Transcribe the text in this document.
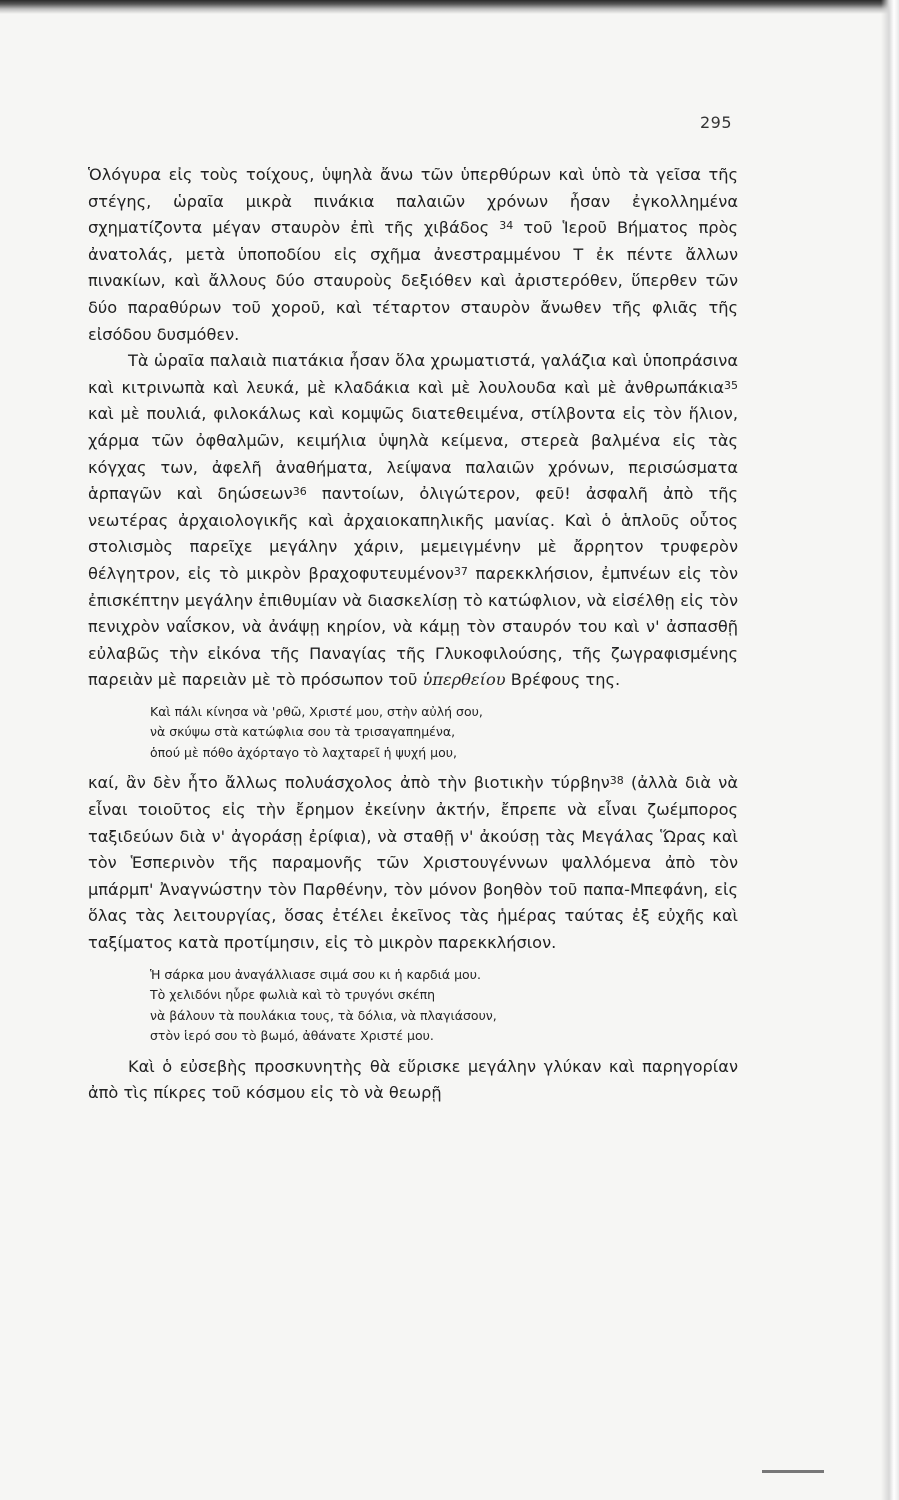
295

Ὁλόγυρα εἰς τοὺς τοίχους, ὑψηλὰ ἄνω τῶν ὑπερθύρων καὶ ὑπὸ τὰ γεῖσα τῆς στέγης, ὡραῖα μικρὰ πινάκια παλαιῶν χρόνων ἦσαν ἐγκολλημένα σχηματίζοντα μέγαν σταυρὸν ἐπὶ τῆς χιβάδος $^{34}$ τοῦ Ἱεροῦ Βήματος πρὸς ἀνατολάς, μετὰ ὑποποδίου εἰς σχῆμα ἀνεστραμμένου Τ ἐκ πέντε ἄλλων πινακίων, καὶ ἄλλους δύο σταυροὺς δεξιόθεν καὶ ἀριστερόθεν, ὕπερθεν τῶν δύο παραθύρων τοῦ χοροῦ, καὶ τέταρτον σταυρὸν ἄνωθεν τῆς φλιᾶς τῆς εἰσόδου δυσμόθεν.

Τὰ ὡραῖα παλαιὰ πιατάκια ἦσαν ὅλα χρωματιστά, γαλάζια καὶ ὑποπράσινα καὶ κιτρινωπὰ καὶ λευκά, μὲ κλαδάκια καὶ μὲ λουλουδα καὶ μὲ ἀνθρωπάκια$^{35}$ καὶ μὲ πουλιά, φιλοκάλως καὶ κομψῶς διατεθειμένα, στίλβοντα εἰς τὸν ἥλιον, χάρμα τῶν ὀφθαλμῶν, κειμήλια ὑψηλὰ κείμενα, στερεὰ βαλμένα εἰς τὰς κόγχας των, ἀφελῆ ἀναθήματα, λείψανα παλαιῶν χρόνων, περισώσματα ἁρπαγῶν καὶ δηώσεων$^{36}$ παντοίων, ὀλιγώτερον, φεῦ! ἀσφαλῆ ἀπὸ τῆς νεωτέρας ἀρχαιολογικῆς καὶ ἀρχαιοκαπηλικῆς μανίας. Καὶ ὁ ἁπλοῦς οὗτος στολισμὸς παρεῖχε μεγάλην χάριν, μεμειγμένην μὲ ἄρρητον τρυφερὸν θέλγητρον, εἰς τὸ μικρὸν βραχοφυτευμένον$^{37}$ παρεκκλήσιον, ἐμπνέων εἰς τὸν ἐπισκέπτην μεγάλην ἐπιθυμίαν νὰ διασκελίσῃ τὸ κατώφλιον, νὰ εἰσέλθῃ εἰς τὸν πενιχρὸν ναΐσκον, νὰ ἀνάψῃ κηρίον, νὰ κάμῃ τὸν σταυρόν του καὶ ν' ἀσπασθῇ εὐλαβῶς τὴν εἰκόνα τῆς Παναγίας τῆς Γλυκοφιλούσης, τῆς ζωγραφισμένης παρειὰν μὲ παρειὰν μὲ τὸ πρόσωπον τοῦ ὑπερθείου Βρέφους της.

Καὶ πάλι κίνησα νὰ 'ρθῶ, Χριστέ μου, στὴν αὐλή σου,
νὰ σκύψω στὰ κατώφλια σου τὰ τρισαγαπημένα,
ὁπού μὲ πόθο ἀχόρταγο τὸ λαχταρεῖ ἡ ψυχή μου,

καί, ἂν δὲν ἦτο ἄλλως πολυάσχολος ἀπὸ τὴν βιοτικὴν τύρβην$^{38}$ (ἀλλὰ διὰ νὰ εἶναι τοιοῦτος εἰς τὴν ἔρημον ἐκείνην ἀκτήν, ἔπρεπε νὰ εἶναι ζωέμπορος ταξιδεύων διὰ ν' ἀγοράσῃ ἐρίφια), νὰ σταθῇ ν' ἀκούσῃ τὰς Μεγάλας Ὥρας καὶ τὸν Ἑσπερινὸν τῆς παραμονῆς τῶν Χριστουγέννων ψαλλόμενα ἀπὸ τὸν μπάρμπ' Ἀναγνώστην τὸν Παρθένην, τὸν μόνον βοηθὸν τοῦ παπα-Μπεφάνη, εἰς ὅλας τὰς λειτουργίας, ὅσας ἐτέλει ἐκεῖνος τὰς ἡμέρας ταύτας ἐξ εὐχῆς καὶ ταξίματος κατὰ προτίμησιν, εἰς τὸ μικρὸν παρεκκλήσιον.

Ἡ σάρκα μου ἀναγάλλιασε σιμά σου κι ἡ καρδιά μου.
Τὸ χελιδόνι ηὗρε φωλιὰ καὶ τὸ τρυγόνι σκέπη
νὰ βάλουν τὰ πουλάκια τους, τὰ δόλια, νὰ πλαγιάσουν,
στὸν ἱερό σου τὸ βωμό, ἀθάνατε Χριστέ μου.

Καὶ ὁ εὐσεβὴς προσκυνητὴς θὰ εὕρισκε μεγάλην γλύκαν καὶ παρηγορίαν ἀπὸ τὶς πίκρες τοῦ κόσμου εἰς τὸ νὰ θεωρῇ
